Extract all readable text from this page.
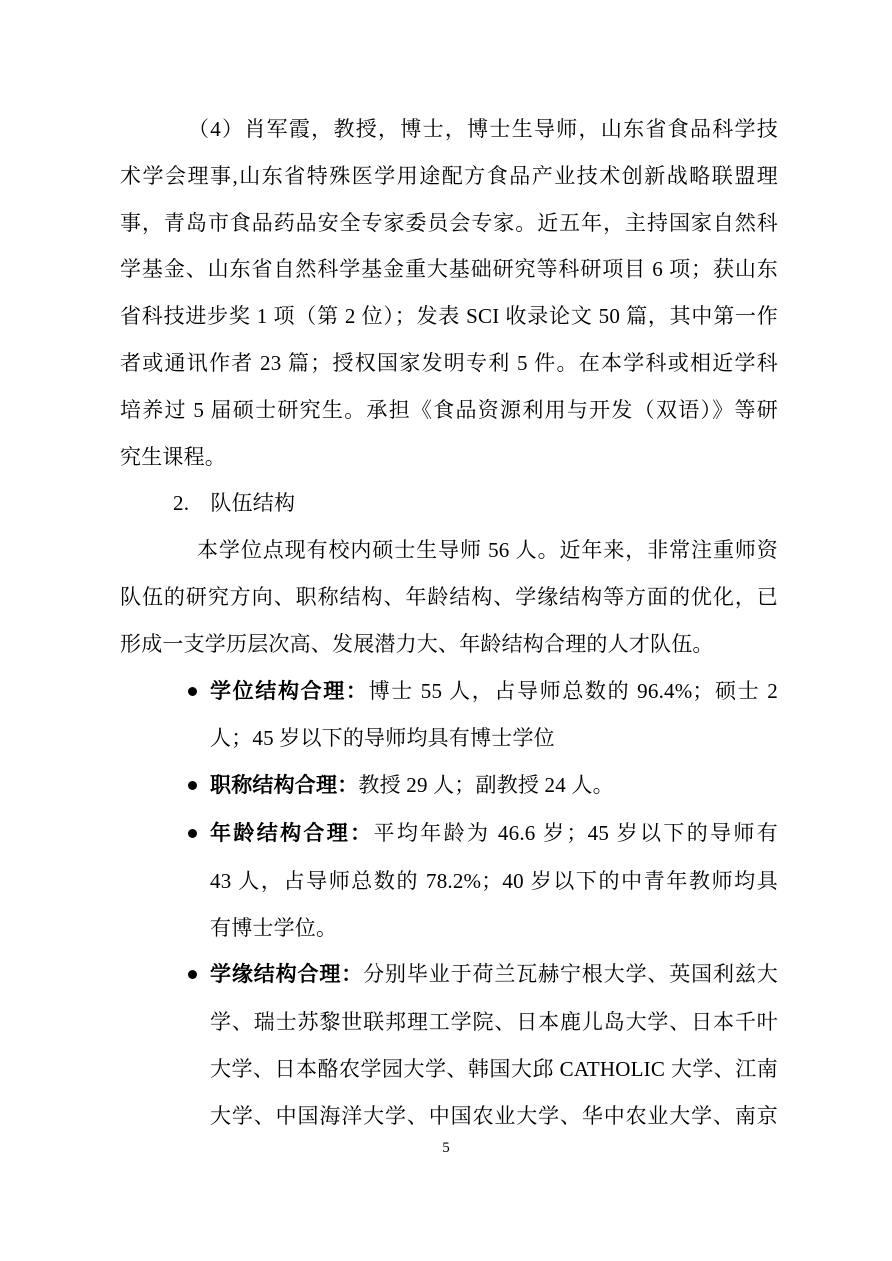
（4）肖军霞，教授，博士，博士生导师，山东省食品科学技
术学会理事,山东省特殊医学用途配方食品产业技术创新战略联盟理
事，青岛市食品药品安全专家委员会专家。近五年，主持国家自然科
学基金、山东省自然科学基金重大基础研究等科研项目 6 项；获山东
省科技进步奖 1 项（第 2 位）；发表 SCI 收录论文 50 篇，其中第一作
者或通讯作者 23 篇；授权国家发明专利 5 件。在本学科或相近学科
培养过 5 届硕士研究生。承担《食品资源利用与开发（双语）》等研
究生课程。
2.　队伍结构
本学位点现有校内硕士生导师 56 人。近年来，非常注重师资
队伍的研究方向、职称结构、年龄结构、学缘结构等方面的优化，已
形成一支学历层次高、发展潜力大、年龄结构合理的人才队伍。
学位结构合理：博士 55 人，占导师总数的 96.4%；硕士 2
人；45 岁以下的导师均具有博士学位
职称结构合理：教授 29 人；副教授 24 人。
年龄结构合理：平均年龄为 46.6 岁；45 岁以下的导师有
43 人，占导师总数的 78.2%；40 岁以下的中青年教师均具
有博士学位。
学缘结构合理：分别毕业于荷兰瓦赫宁根大学、英国利兹大
学、瑞士苏黎世联邦理工学院、日本鹿儿岛大学、日本千叶
大学、日本酪农学园大学、韩国大邱 CATHOLIC 大学、江南
大学、中国海洋大学、中国农业大学、华中农业大学、南京
5
